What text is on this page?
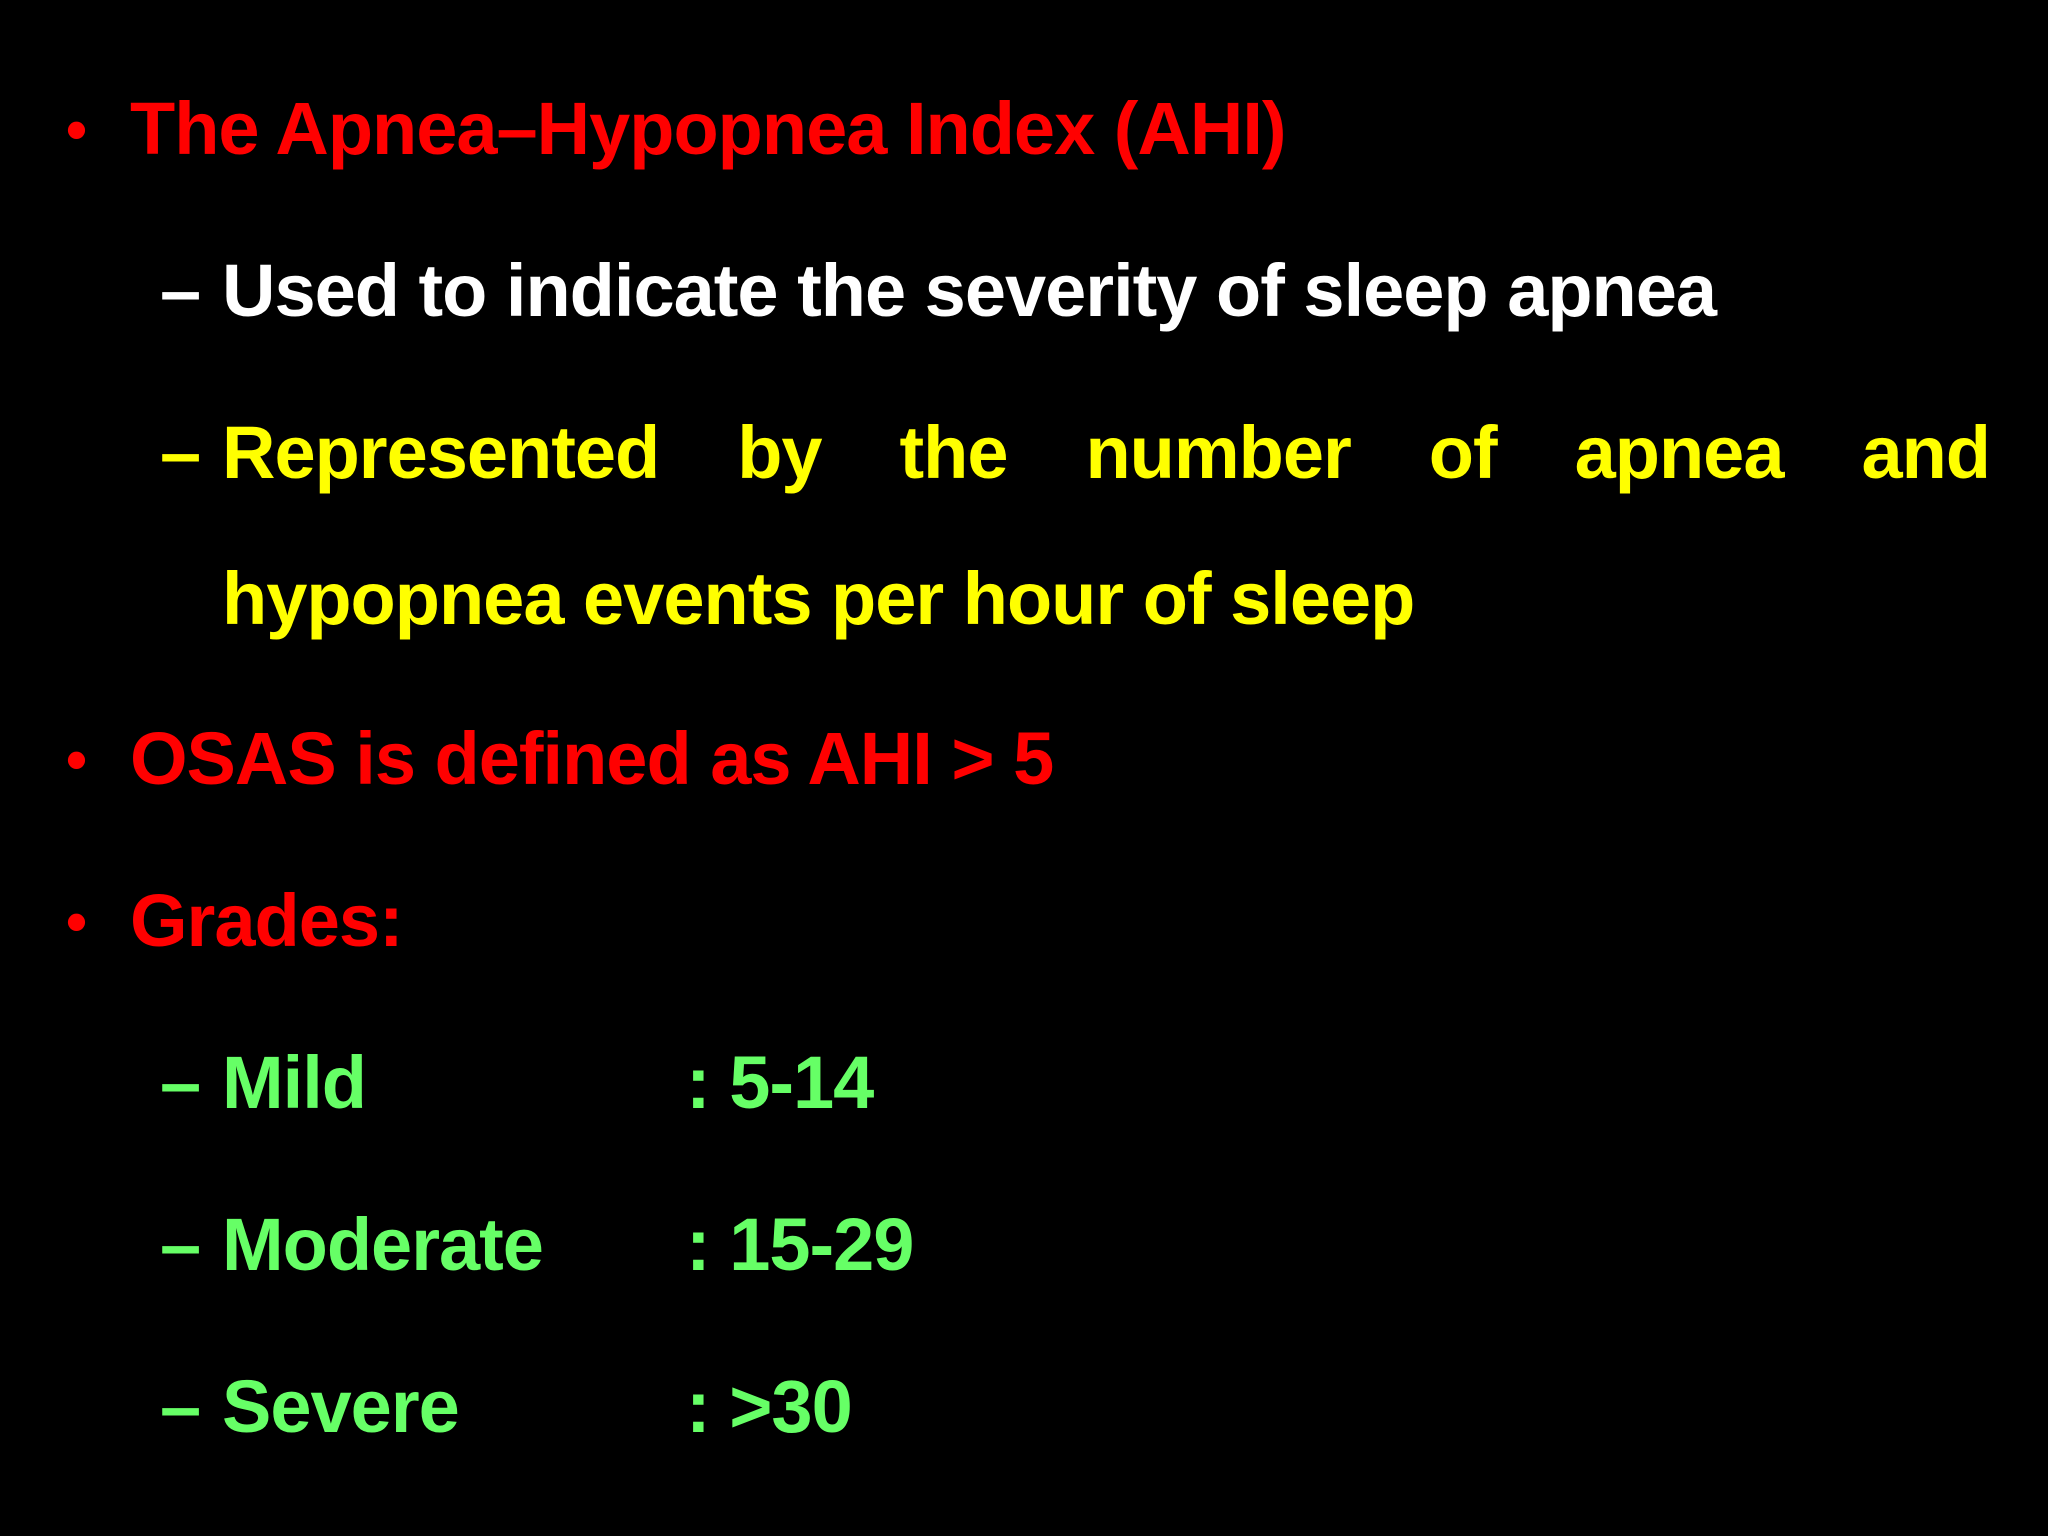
• The Apnea–Hypopnea Index (AHI)
– Used to indicate the severity of sleep apnea
– Represented by the number of apnea and
hypopnea events per hour of sleep
• OSAS is defined as AHI > 5
• Grades:
– Mild	: 5-14
– Moderate : 15-29
– Severe	: >30
